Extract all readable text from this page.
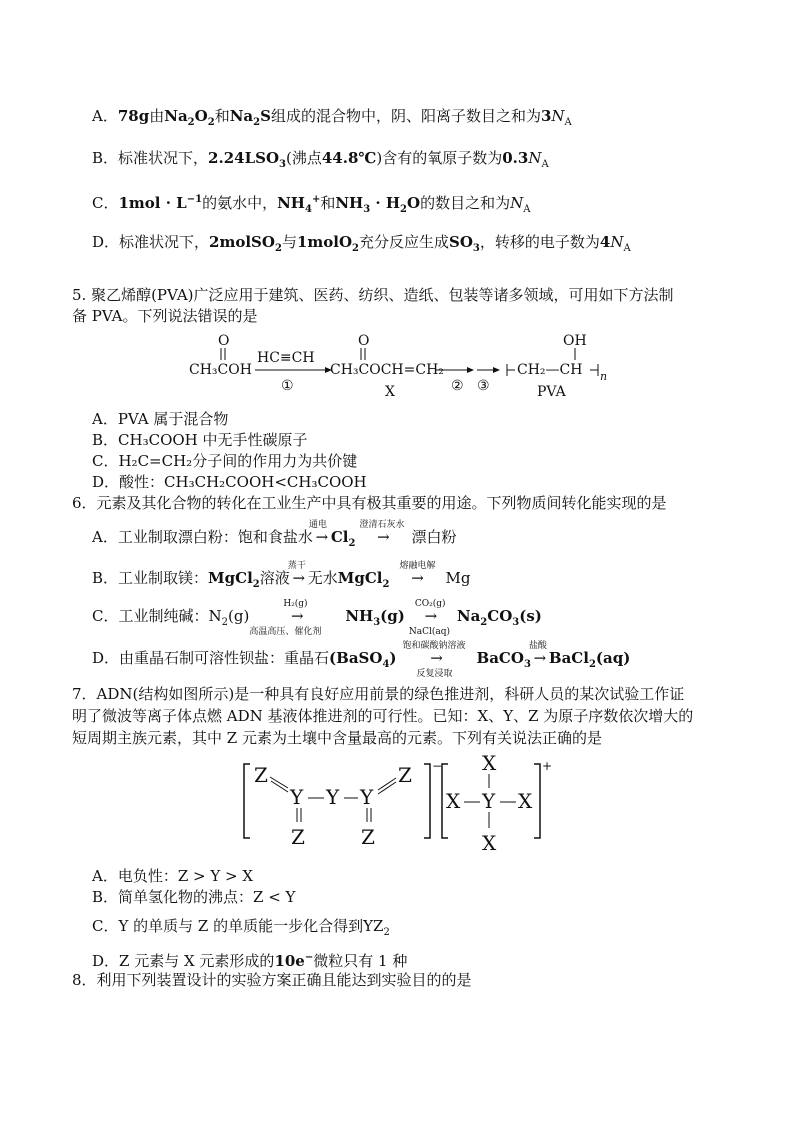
A．78g由$Na_2O_2$和$Na_2S$组成的混合物中，阴、阳离子数目之和为$3N_A$
B．标准状况下，$2.24LSO_3$(沸点44.8℃)含有的氧原子数为$0.3N_A$
C．$1mol \cdot L^{-1}$的氨水中，$NH_4^+$和$NH_3 \cdot H_2O$的数目之和为$N_A$
D．标准状况下，2molSO$_2$与1molO$_2$充分反应生成$SO_3$，转移的电子数为$4N_A$
5. 聚乙烯醇(PVA)广泛应用于建筑、医药、纺织、造纸、包装等诸多领域，可用如下方法制
备 PVA。下列说法错误的是
O
CH₃COH
HC≡CH
①
O
CH₃COCH=CH₂
X	② ③
CH₂—CH
OH
n
PVA
A．PVA 属于混合物
B．CH₃COOH 中无手性碳原子
C．H₂C=CH₂分子间的作用力为共价键
D．酸性：CH₃CH₂COOH<CH₃COOH
6．元素及其化合物的转化在工业生产中具有极其重要的用途。下列物质间转化能实现的是
A．工业制取漂白粉：饱和食盐水 →
通电
$Cl_2$ →
澄清石灰水
漂白粉
B．工业制取镁：MgCl$_2$溶液 →
蒸干
无水MgCl$_2$ →
熔融电解
Mg
C．工业制纯碱：$N_2(g)$	→
H₂(g)
高温高压、催化剂
$NH_3(g)$ →
CO₂(g)
NaCl(aq)
$Na_2CO_3(s)$
D．由重晶石制可溶性钡盐：重晶石(BaSO$_4$) →
饱和碳酸钠溶液
反复浸取
BaCO$_3$ →
盐酸
BaCl$_2$(aq)
7．ADN(结构如图所示)是一种具有良好应用前景的绿色推进剂，科研人员的某次试验工作证
明了微波等离子体点燃 ADN 基液体推进剂的可行性。已知：X、Y、Z 为原子序数依次增大的
短周期主族元素，其中 Z 元素为土壤中含量最高的元素。下列有关说法正确的是
−
Z
Y Y Y
Z
Z	Z
+
X
X Y X
X
A．电负性：Z > Y > X
B．简单氢化物的沸点：Z < Y
C．Y 的单质与 Z 的单质能一步化合得到$YZ_2$
D．Z 元素与 X 元素形成的10e−微粒只有 1 种
8．利用下列装置设计的实验方案正确且能达到实验目的的是
